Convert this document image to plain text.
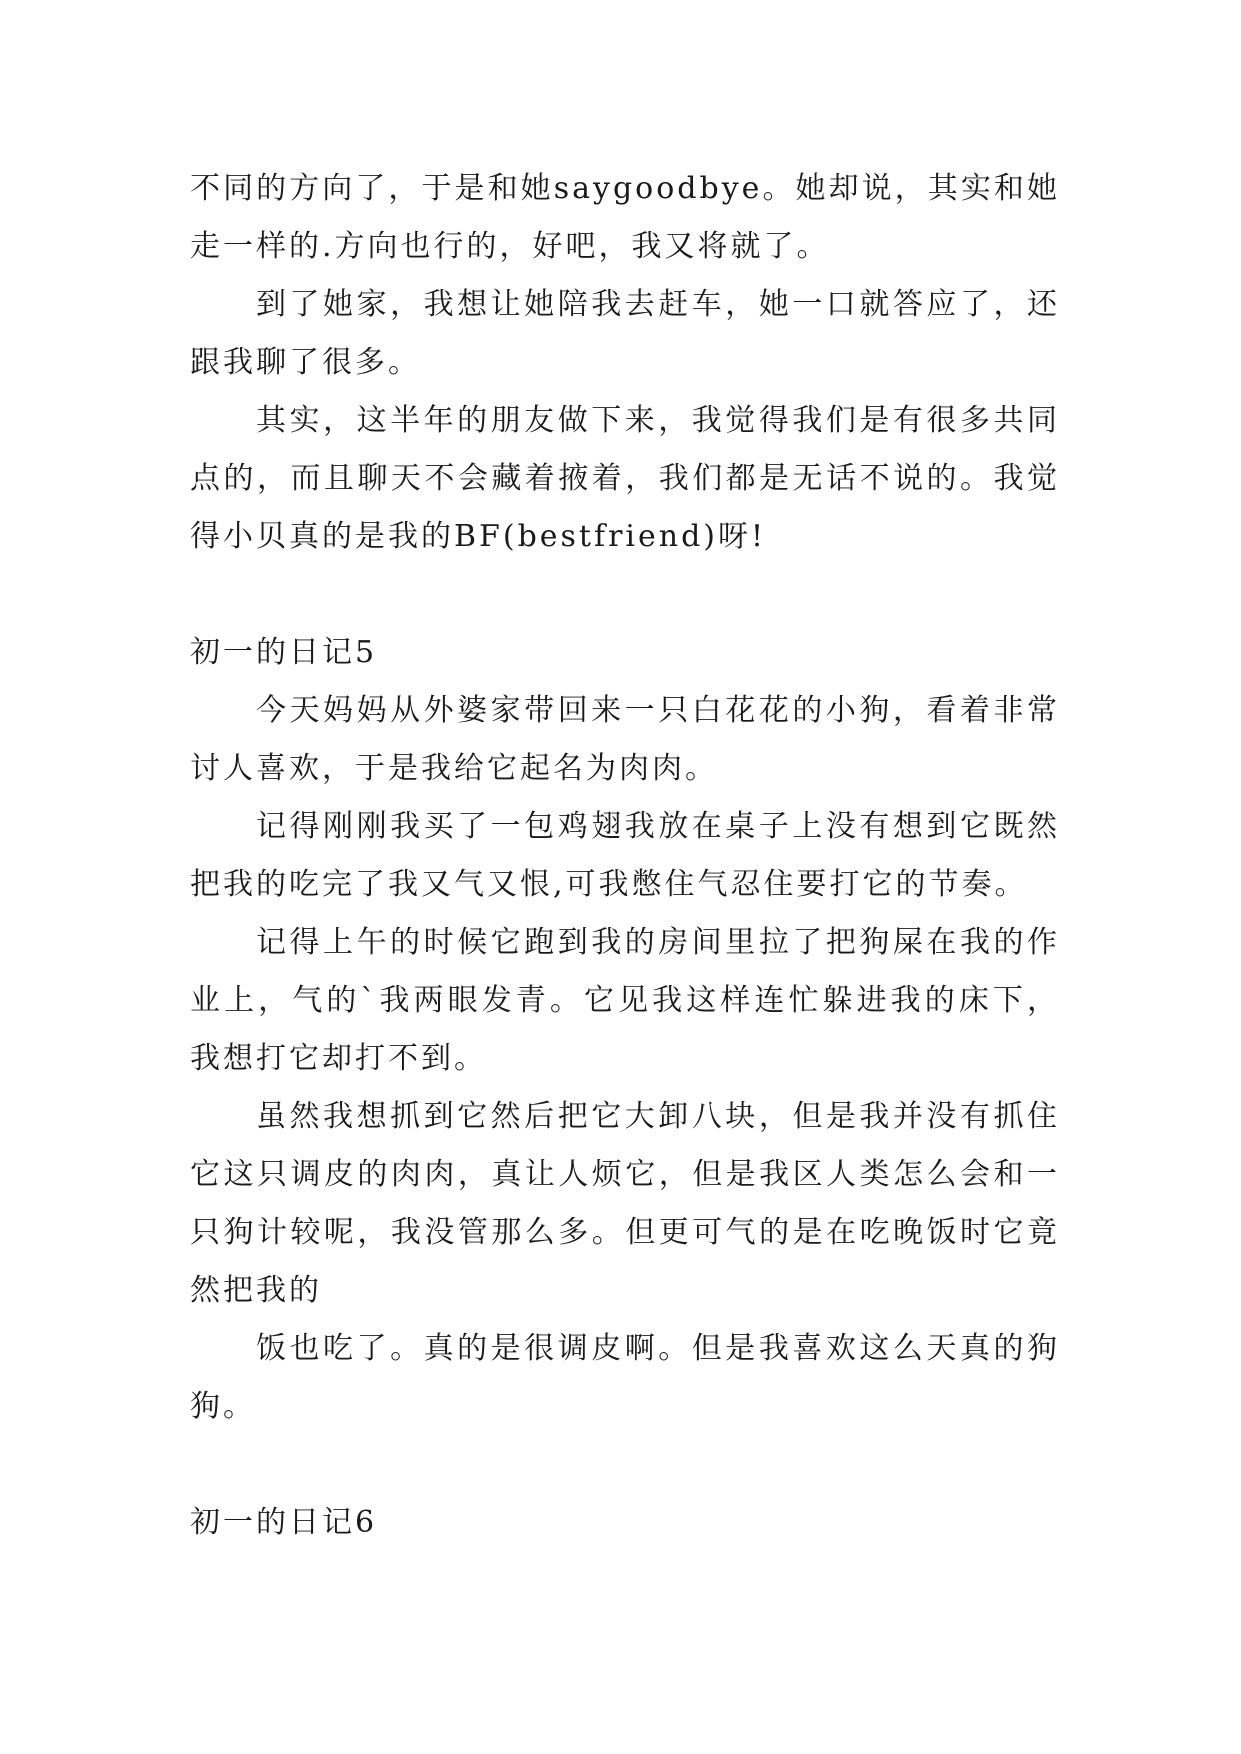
不同的方向了，于是和她saygoodbye。她却说，其实和她走一样的.方向也行的，好吧，我又将就了。

到了她家，我想让她陪我去赶车，她一口就答应了，还跟我聊了很多。

其实，这半年的朋友做下来，我觉得我们是有很多共同点的，而且聊天不会藏着掖着，我们都是无话不说的。我觉得小贝真的是我的BF(bestfriend)呀!

初一的日记5

今天妈妈从外婆家带回来一只白花花的小狗，看着非常讨人喜欢，于是我给它起名为肉肉。

记得刚刚我买了一包鸡翅我放在桌子上没有想到它既然把我的吃完了我又气又恨,可我憋住气忍住要打它的节奏。

记得上午的时候它跑到我的房间里拉了把狗屎在我的作业上，气的`我两眼发青。它见我这样连忙躲进我的床下，我想打它却打不到。

虽然我想抓到它然后把它大卸八块，但是我并没有抓住它这只调皮的肉肉，真让人烦它，但是我区人类怎么会和一只狗计较呢，我没管那么多。但更可气的是在吃晚饭时它竟然把我的

饭也吃了。真的是很调皮啊。但是我喜欢这么天真的狗狗。

初一的日记6
